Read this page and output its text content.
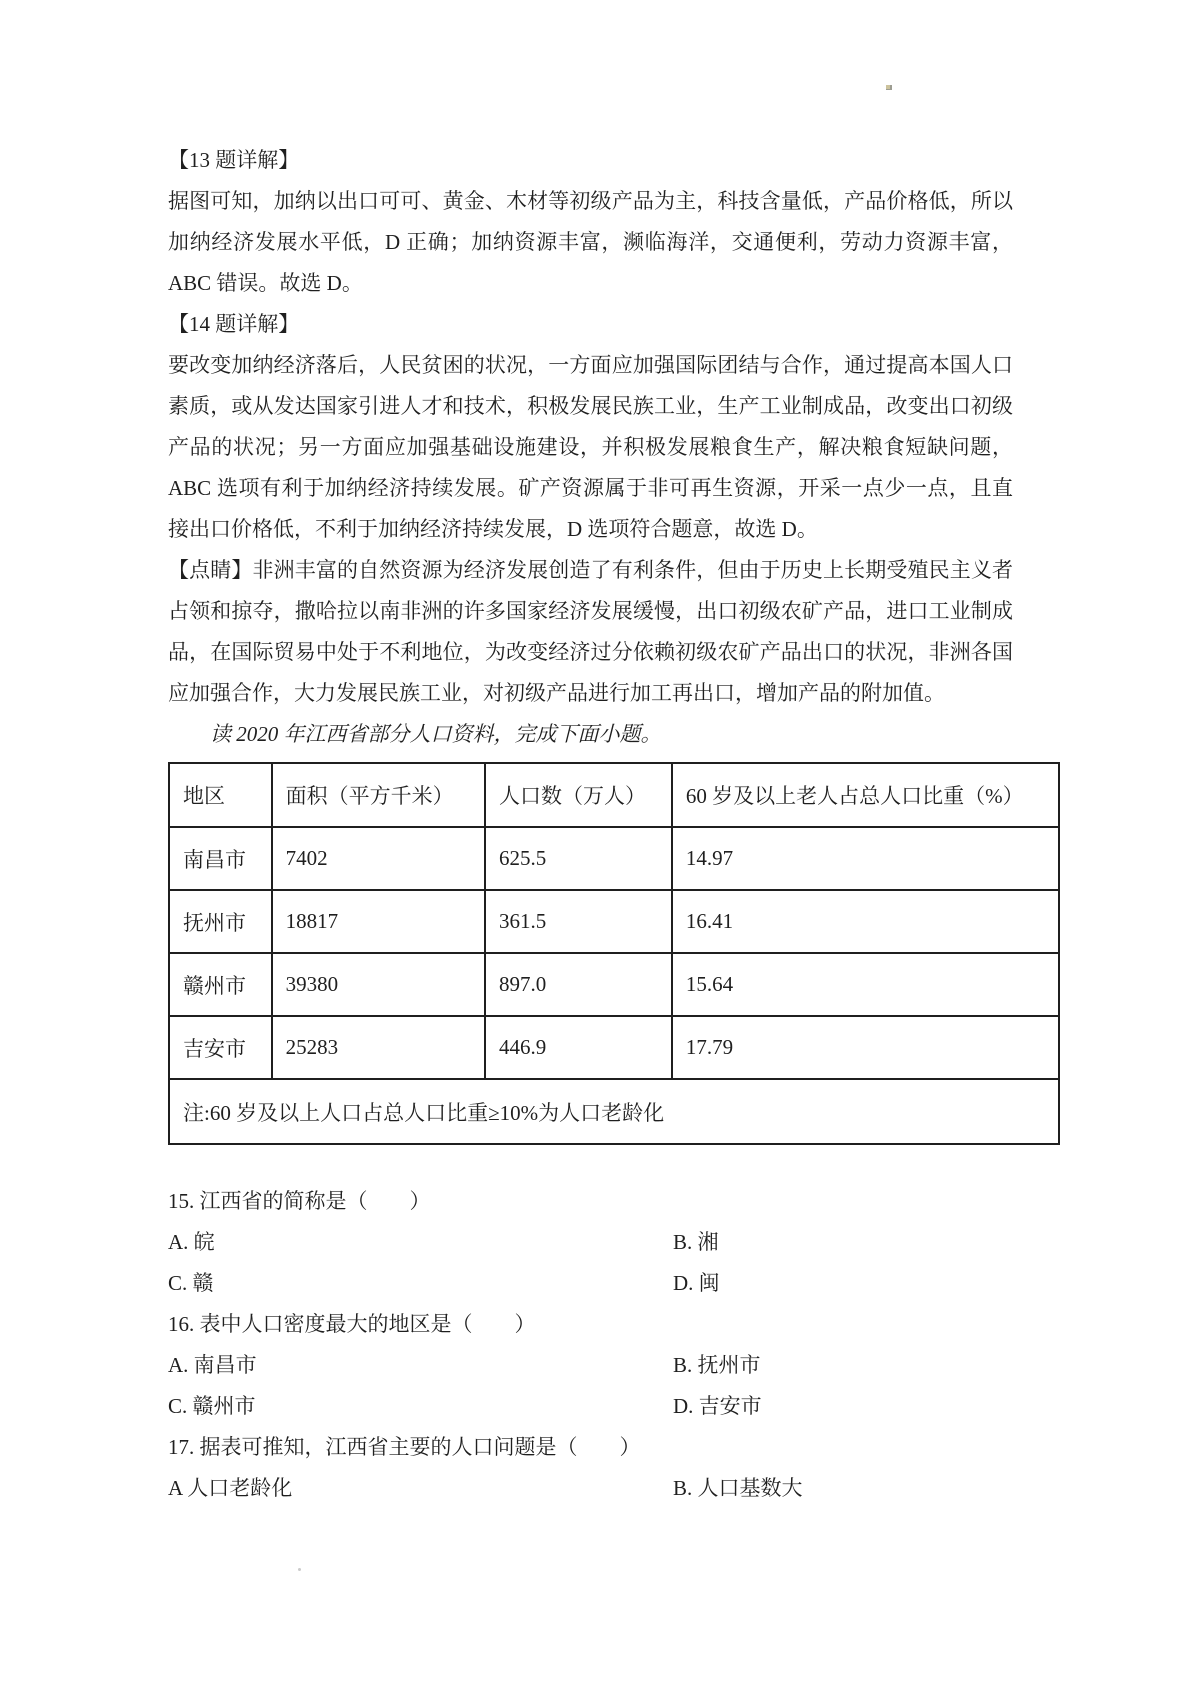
【13 题详解】

据图可知，加纳以出口可可、黄金、木材等初级产品为主，科技含量低，产品价格低，所以加纳经济发展水平低，D 正确；加纳资源丰富，濒临海洋，交通便利，劳动力资源丰富，ABC 错误。故选 D。

【14 题详解】

要改变加纳经济落后，人民贫困的状况，一方面应加强国际团结与合作，通过提高本国人口素质，或从发达国家引进人才和技术，积极发展民族工业，生产工业制成品，改变出口初级产品的状况；另一方面应加强基础设施建设，并积极发展粮食生产，解决粮食短缺问题，ABC 选项有利于加纳经济持续发展。矿产资源属于非可再生资源，开采一点少一点，且直接出口价格低，不利于加纳经济持续发展，D 选项符合题意，故选 D。

【点睛】非洲丰富的自然资源为经济发展创造了有利条件，但由于历史上长期受殖民主义者占领和掠夺，撒哈拉以南非洲的许多国家经济发展缓慢，出口初级农矿产品，进口工业制成品，在国际贸易中处于不利地位，为改变经济过分依赖初级农矿产品出口的状况，非洲各国应加强合作，大力发展民族工业，对初级产品进行加工再出口，增加产品的附加值。

读 2020 年江西省部分人口资料，完成下面小题。

地区	面积（平方千米）	人口数（万人）	60 岁及以上老人占总人口比重（%）
南昌市	7402	625.5	14.97
抚州市	18817	361.5	16.41
赣州市	39380	897.0	15.64
吉安市	25283	446.9	17.79
注:60 岁及以上人口占总人口比重≥10%为人口老龄化			
15. 江西省的简称是（　　）
A. 皖	B. 湘
C. 赣	D. 闽
16. 表中人口密度最大的地区是（　　）
A. 南昌市	B. 抚州市
C. 赣州市	D. 吉安市
17. 据表可推知，江西省主要的人口问题是（　　）
A 人口老龄化	B. 人口基数大
